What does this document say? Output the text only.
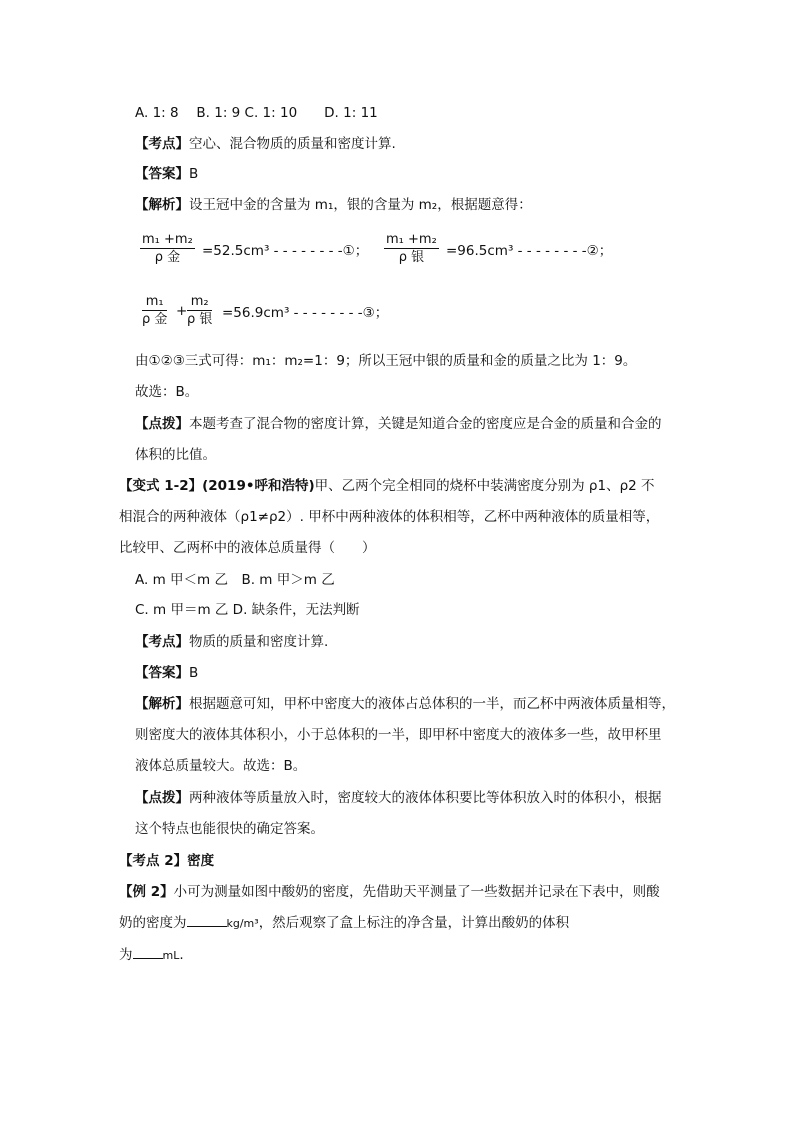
A. 1: 8　 B. 1: 9 C. 1: 10　　D. 1: 11
【考点】空心、混合物质的质量和密度计算.
【答案】B
【解析】设王冠中金的含量为 m₁，银的含量为 m₂，根据题意得：
m₁ +m₂
ρ 金	=52.5cm³ - - - - - - - -①；
m₁ +m₂
ρ 银	=96.5cm³ - - - - - - - -②；
m₁
ρ 金
+
m₂
ρ 银 =56.9cm³ - - - - - - - -③；
由①②③三式可得：m₁：m₂=1：9；所以王冠中银的质量和金的质量之比为 1：9。
故选：B。
【点拨】本题考查了混合物的密度计算，关键是知道合金的密度应是合金的质量和合金的
体积的比值。
【变式 1-2】(2019•呼和浩特)甲、乙两个完全相同的烧杯中装满密度分别为 ρ1、ρ2 不
相混合的两种液体（ρ1≠ρ2）. 甲杯中两种液体的体积相等，乙杯中两种液体的质量相等，
比较甲、乙两杯中的液体总质量得（　　）
A. m 甲＜m 乙　B. m 甲＞m 乙
C. m 甲＝m 乙 D. 缺条件，无法判断
【考点】物质的质量和密度计算.
【答案】B
【解析】根据题意可知，甲杯中密度大的液体占总体积的一半，而乙杯中两液体质量相等，
则密度大的液体其体积小，小于总体积的一半，即甲杯中密度大的液体多一些，故甲杯里
液体总质量较大。故选：B。
【点拨】两种液体等质量放入时，密度较大的液体体积要比等体积放入时的体积小，根据
这个特点也能很快的确定答案。
【考点 2】密度
【例 2】小可为测量如图中酸奶的密度，先借助天平测量了一些数据并记录在下表中，则酸
奶的密度为	kg/m³，然后观察了盒上标注的净含量，计算出酸奶的体积
为	mL.
